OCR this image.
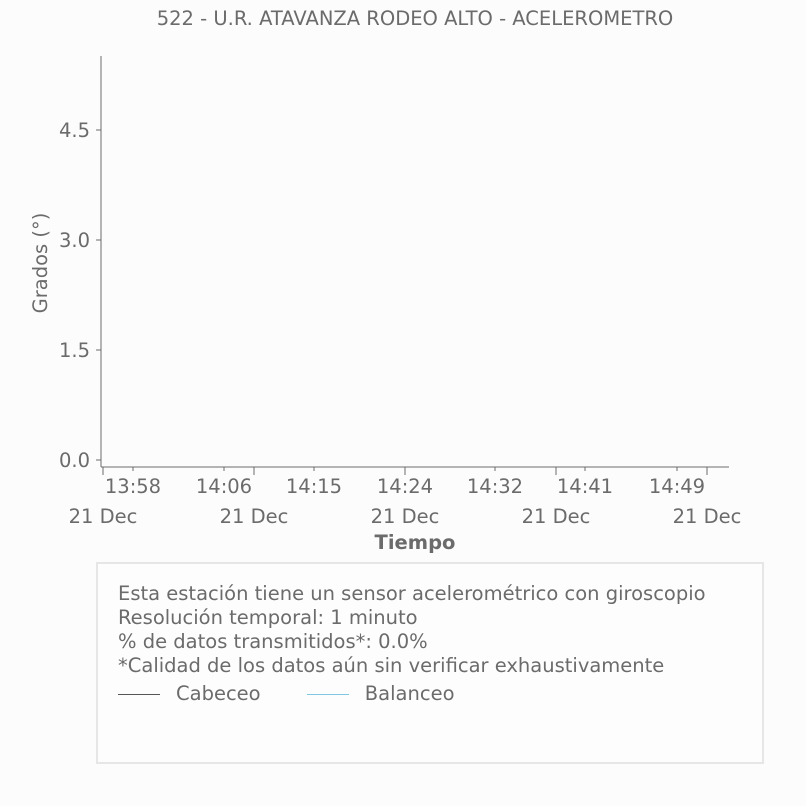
522 - U.R. ATAVANZA RODEO ALTO - ACELEROMETRO
0.0
1.5
3.0
4.5
13:58 14:06 14:15 14:24 14:32 14:41 14:49
21 Dec	21 Dec	21 Dec	21 Dec	21 Dec
Grados (°)
Tiempo
Esta estación tiene un sensor acelerométrico con giroscopio
Resolución temporal: 1 minuto
% de datos transmitidos*: 0.0%
*Calidad de los datos aún sin verificar exhaustivamente
Cabeceo	Balanceo
